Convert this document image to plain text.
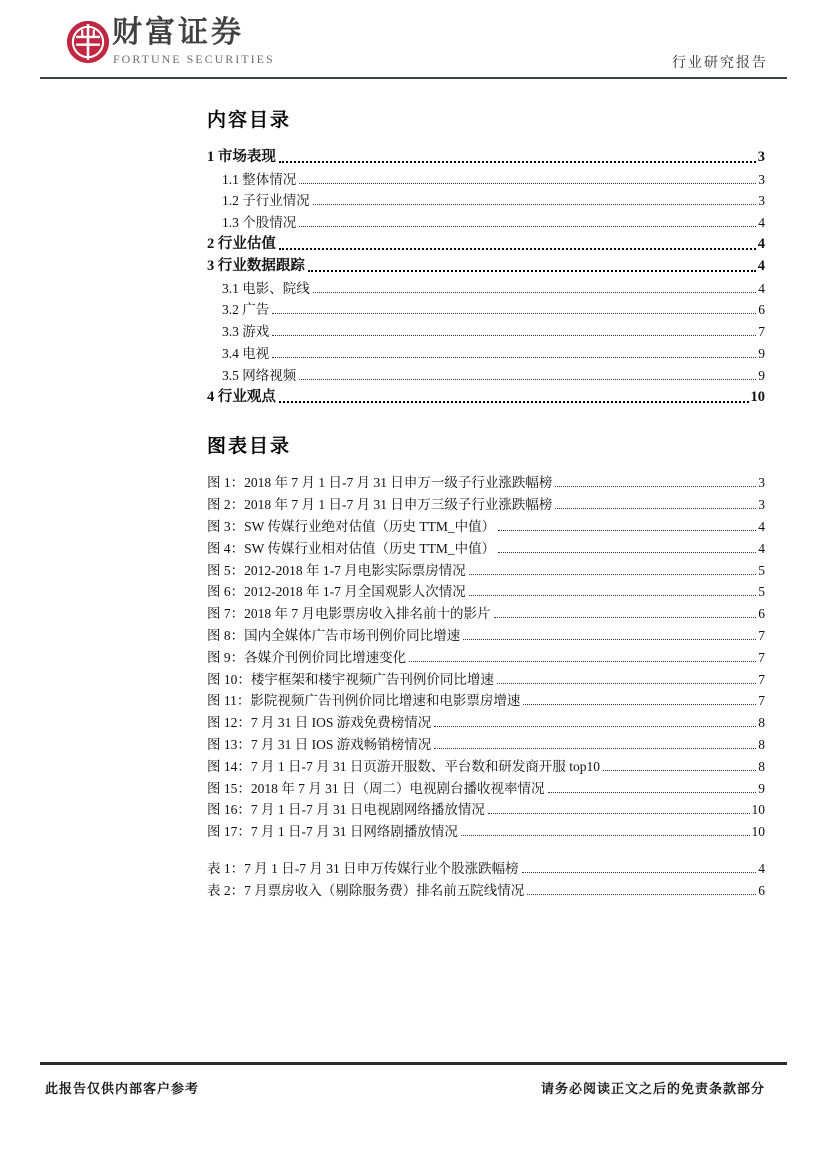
财富证券
FORTUNE SECURITIES	行业研究报告
内容目录
1 市场表现	3
1.1 整体情况	3
1.2 子行业情况	3
1.3 个股情况	4
2 行业估值	4
3 行业数据跟踪	4
3.1 电影、院线	4
3.2 广告	6
3.3 游戏	7
3.4 电视	9
3.5 网络视频	9
4 行业观点	10
图表目录
图 1：2018 年 7 月 1 日-7 月 31 日申万一级子行业涨跌幅榜	3
图 2：2018 年 7 月 1 日-7 月 31 日申万三级子行业涨跌幅榜	3
图 3：SW 传媒行业绝对估值（历史 TTM_中值）	4
图 4：SW 传媒行业相对估值（历史 TTM_中值）	4
图 5：2012-2018 年 1-7 月电影实际票房情况	5
图 6：2012-2018 年 1-7 月全国观影人次情况	5
图 7：2018 年 7 月电影票房收入排名前十的影片	6
图 8：国内全媒体广告市场刊例价同比增速	7
图 9：各媒介刊例价同比增速变化	7
图 10：楼宇框架和楼宇视频广告刊例价同比增速	7
图 11：影院视频广告刊例价同比增速和电影票房增速	7
图 12：7 月 31 日 IOS 游戏免费榜情况	8
图 13：7 月 31 日 IOS 游戏畅销榜情况	8
图 14：7 月 1 日-7 月 31 日页游开服数、平台数和研发商开服 top10	8
图 15：2018 年 7 月 31 日（周二）电视剧台播收视率情况	9
图 16：7 月 1 日-7 月 31 日电视剧网络播放情况	10
图 17：7 月 1 日-7 月 31 日网络剧播放情况	10
表 1：7 月 1 日-7 月 31 日申万传媒行业个股涨跌幅榜	4
表 2：7 月票房收入（剔除服务费）排名前五院线情况	6
此报告仅供内部客户参考	请务必阅读正文之后的免责条款部分
